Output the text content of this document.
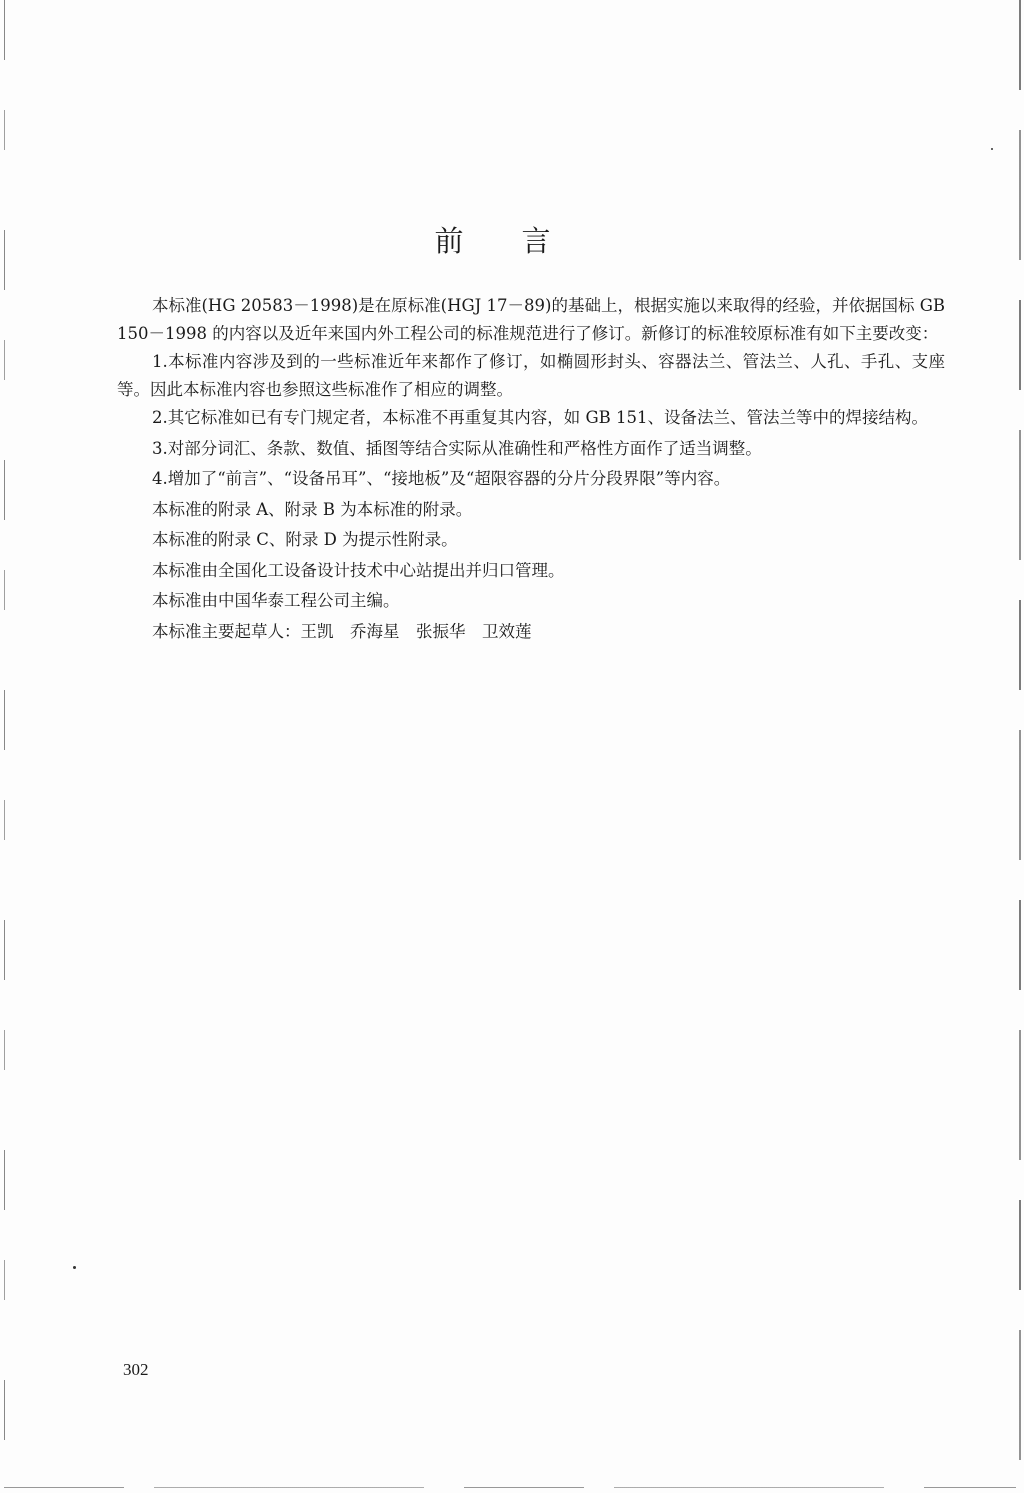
前言

本标准(HG 20583－1998)是在原标准(HGJ 17－89)的基础上，根据实施以来取得的经验，并依据国标 GB 150－1998 的内容以及近年来国内外工程公司的标准规范进行了修订。新修订的标准较原标准有如下主要改变：

1.本标准内容涉及到的一些标准近年来都作了修订，如椭圆形封头、容器法兰、管法兰、人孔、手孔、支座等。因此本标准内容也参照这些标准作了相应的调整。

2.其它标准如已有专门规定者，本标准不再重复其内容，如 GB 151、设备法兰、管法兰等中的焊接结构。

3.对部分词汇、条款、数值、插图等结合实际从准确性和严格性方面作了适当调整。

4.增加了“前言”、“设备吊耳”、“接地板”及“超限容器的分片分段界限”等内容。

本标准的附录 A、附录 B 为本标准的附录。

本标准的附录 C、附录 D 为提示性附录。

本标准由全国化工设备设计技术中心站提出并归口管理。

本标准由中国华泰工程公司主编。

本标准主要起草人：王凯　乔海星　张振华　卫效莲

302
